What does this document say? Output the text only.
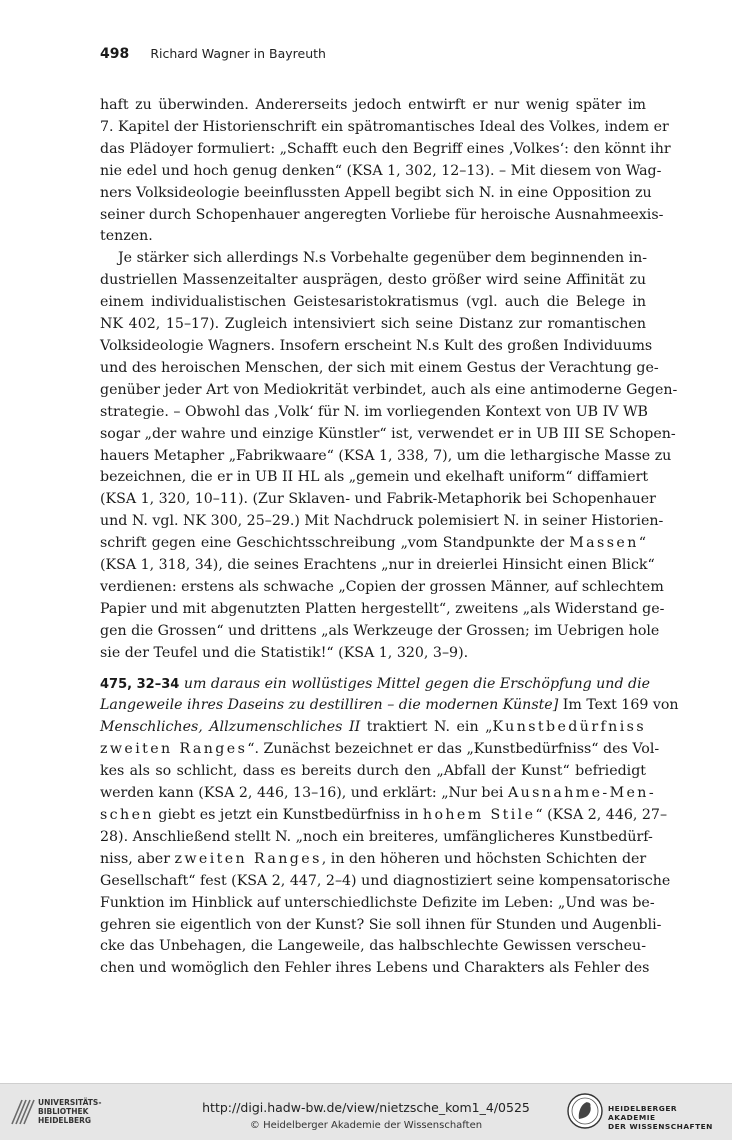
498 Richard Wagner in Bayreuth
haft zu überwinden. Andererseits jedoch entwirft er nur wenig später im
7. Kapitel der Historienschrift ein spätromantisches Ideal des Volkes, indem er
das Plädoyer formuliert: „Schafft euch den Begriff eines ‚Volkes‘: den könnt ihr
nie edel und hoch genug denken“ (KSA 1, 302, 12–13). – Mit diesem von Wag-
ners Volksideologie beeinflussten Appell begibt sich N. in eine Opposition zu
seiner durch Schopenhauer angeregten Vorliebe für heroische Ausnahmeexis-
tenzen.
Je stärker sich allerdings N.s Vorbehalte gegenüber dem beginnenden in-
dustriellen Massenzeitalter ausprägen, desto größer wird seine Affinität zu
einem individualistischen Geistesaristokratismus (vgl. auch die Belege in
NK 402, 15–17). Zugleich intensiviert sich seine Distanz zur romantischen
Volksideologie Wagners. Insofern erscheint N.s Kult des großen Individuums
und des heroischen Menschen, der sich mit einem Gestus der Verachtung ge-
genüber jeder Art von Mediokrität verbindet, auch als eine antimoderne Gegen-
strategie. – Obwohl das ‚Volk‘ für N. im vorliegenden Kontext von UB IV WB
sogar „der wahre und einzige Künstler“ ist, verwendet er in UB III SE Schopen-
hauers Metapher „Fabrikwaare“ (KSA 1, 338, 7), um die lethargische Masse zu
bezeichnen, die er in UB II HL als „gemein und ekelhaft uniform“ diffamiert
(KSA 1, 320, 10–11). (Zur Sklaven- und Fabrik-Metaphorik bei Schopenhauer
und N. vgl. NK 300, 25–29.) Mit Nachdruck polemisiert N. in seiner Historien-
schrift gegen eine Geschichtsschreibung „vom Standpunkte der Massen“
(KSA 1, 318, 34), die seines Erachtens „nur in dreierlei Hinsicht einen Blick“
verdienen: erstens als schwache „Copien der grossen Männer, auf schlechtem
Papier und mit abgenutzten Platten hergestellt“, zweitens „als Widerstand ge-
gen die Grossen“ und drittens „als Werkzeuge der Grossen; im Uebrigen hole
sie der Teufel und die Statistik!“ (KSA 1, 320, 3–9).
475, 32–34 um daraus ein wollüstiges Mittel gegen die Erschöpfung und die
Langeweile ihres Daseins zu destilliren – die modernen Künste] Im Text 169 von
Menschliches, Allzumenschliches II traktiert N. ein „Kunstbedürfniss
zweiten Ranges“. Zunächst bezeichnet er das „Kunstbedürfniss“ des Vol-
kes als so schlicht, dass es bereits durch den „Abfall der Kunst“ befriedigt
werden kann (KSA 2, 446, 13–16), und erklärt: „Nur bei Ausnahme-Men-
schen giebt es jetzt ein Kunstbedürfniss in hohem Stile“ (KSA 2, 446, 27–
28). Anschließend stellt N. „noch ein breiteres, umfänglicheres Kunstbedürf-
niss, aber zweiten Ranges, in den höheren und höchsten Schichten der
Gesellschaft“ fest (KSA 2, 447, 2–4) und diagnostiziert seine kompensatorische
Funktion im Hinblick auf unterschiedlichste Defizite im Leben: „Und was be-
gehren sie eigentlich von der Kunst? Sie soll ihnen für Stunden und Augenbli-
cke das Unbehagen, die Langeweile, das halbschlechte Gewissen verscheu-
chen und womöglich den Fehler ihres Lebens und Charakters als Fehler des
UNIVERSITÄTS-
BIBLIOTHEK
HEIDELBERG
http://digi.hadw-bw.de/view/nietzsche_kom1_4/0525
© Heidelberger Akademie der Wissenschaften
HEIDELBERGER AKADEMIE
DER WISSENSCHAFTEN
